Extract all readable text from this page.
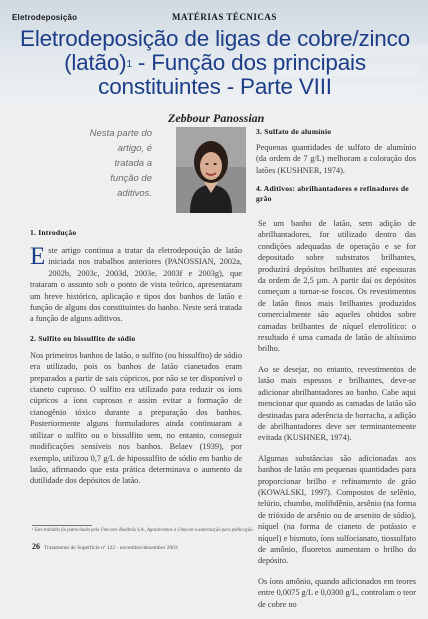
Eletrodeposição	MATÉRIAS TÉCNICAS
Eletrodeposição de ligas de cobre/zinco (latão)$^1$ - Função dos principais constituintes - Parte VIII
Zebbour Panossian
Nesta parte do artigo, é tratada a função de aditivos.
3. Sulfato de alumínio

Pequenas quantidades de sulfato de alumínio (da ordem de 7 g/L) melhoram a coloração dos latões (KUSHNER, 1974).

4. Aditivos: abrilhantadores e refinadores de grão

Se um banho de latão, sem adição de abrilhantadores, for utilizado dentro das condições adequadas de operação e se for depositado sobre substratos brilhantes, produzirá depósitos brilhantes até espessuras da ordem de 2,5 µm. A partir daí os depósitos começam a tornar-se foscos. Os revestimentos de latão finos mais brilhantes produzidos comercialmente são aqueles obtidos sobre camadas brilhantes de níquel eletrolítico: o resultado é uma camada de latão de altíssimo brilho.

Ao se desejar, no entanto, revestimentos de latão mais espessos e brilhantes, deve-se adicionar abrilhantadores ao banho. Cabe aqui mencionar que quando as camadas de latão são destinadas para aderência de borracha, a adição de abrilhantadores deve ser terminantemente evitada (KUSHNER, 1974).

Algumas substâncias são adicionadas aos banhos de latão em pequenas quantidades para proporcionar brilho e refinamento de grão (KOWALSKI, 1997). Compostos de selênio, telúrio, chumbo, molibdênio, arsênio (na forma de trióxido de arsênio ou de arsenito de sódio), níquel (na forma de cianeto de potássio e níquel) e bismuto, íons sulfocianato, tiossulfato de amônio, fluoretos aumentam o brilho do depósito.

Os íons amônio, quando adicionados em teores entre 0,0075 g/L e 0,0300 g/L, controlam o teor de cobre no

1. Introdução

Este artigo continua a tratar da eletrodeposição de latão iniciada nos trabalhos anteriores (PANOSSIAN, 2002a, 2002b, 2003c, 2003d, 2003e, 2003f e 2003g), que trataram o assunto sob o ponto de vista teórico, apresentaram um breve histórico, aplicação e tipos dos banhos de latão e função de alguns dos constituintes do banho. Neste será tratada a função de alguns aditivos.

2. Sulfito ou bissulfito de sódio

Nos primeiros banhos de latão, o sulfito (ou bissulfito) de sódio era utilizado, pois os banhos de latão cianetados eram preparados a partir de sais cúpricos, por não se ter disponível o cianeto cuproso. O sulfito era utilizado para reduzir os íons cúpricos a íons cuprosos e assim evitar a formação de cianogênio tóxico durante a preparação dos banhos. Posteriormente alguns formuladores ainda continuaram a utilizar o sulfito ou o bissulfito sem, no entanto, conseguir modificações sensíveis nos banhos. Belaev (1939), por exemplo, utilizou 0,7 g/L de hipossulfito de sódio em banho de latão, afirmando que esta prática determinava o aumento da dutilidade dos depósitos de latão.

¹ Este trabalho foi patrocinado pela Umicore/ Realbrás S.A., Agradecemos à Umicore a autorização para publicação.
26 Tratamento de Superfície nº 122 · novembro/dezembro 2003
